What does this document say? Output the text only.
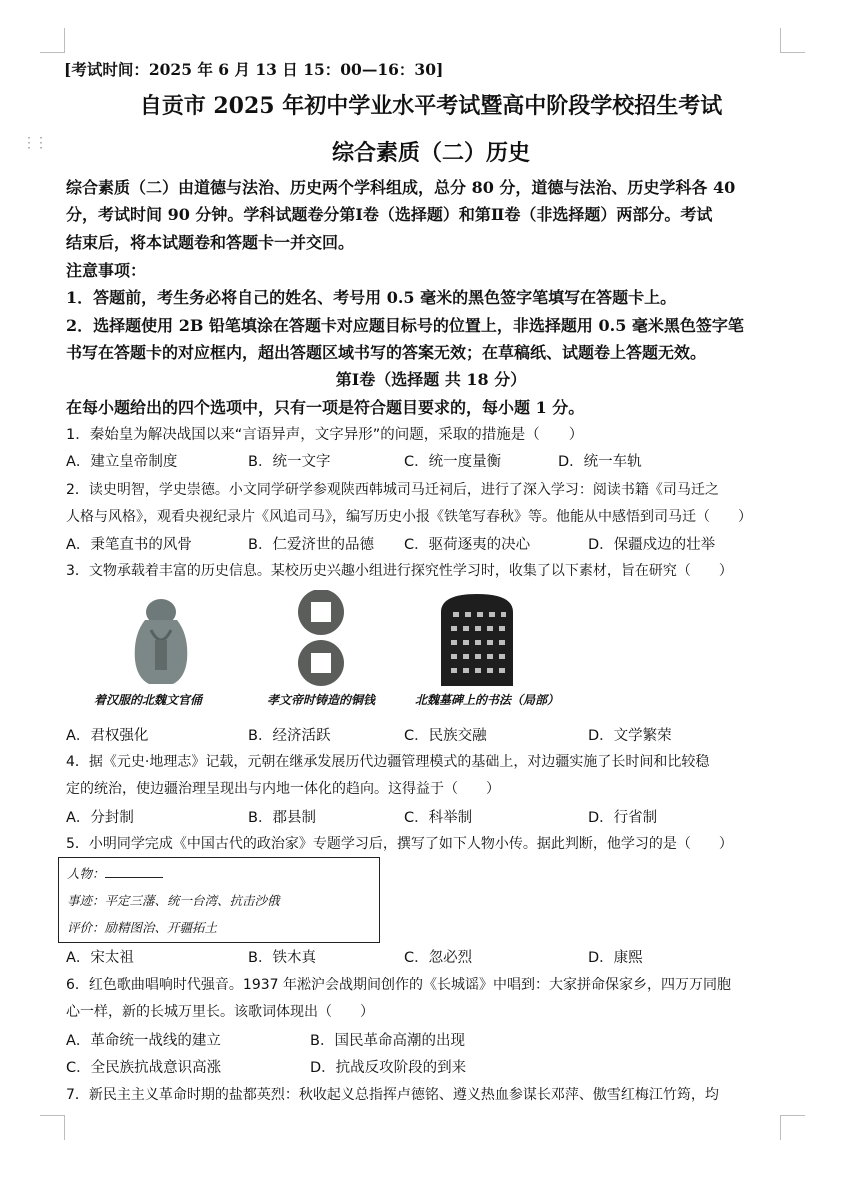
⋮⋮
[考试时间：2025 年 6 月 13 日 15：00—16：30]
自贡市 2025 年初中学业水平考试暨高中阶段学校招生考试
综合素质（二）历史
综合素质（二）由道德与法治、历史两个学科组成，总分 80 分，道德与法治、历史学科各 40
分，考试时间 90 分钟。学科试题卷分第Ⅰ卷（选择题）和第Ⅱ卷（非选择题）两部分。考试
结束后，将本试题卷和答题卡一并交回。
注意事项：
1．答题前，考生务必将自己的姓名、考号用 0.5 毫米的黑色签字笔填写在答题卡上。
2．选择题使用 2B 铅笔填涂在答题卡对应题目标号的位置上，非选择题用 0.5 毫米黑色签字笔
书写在答题卡的对应框内，超出答题区域书写的答案无效；在草稿纸、试题卷上答题无效。
第Ⅰ卷（选择题 共 18 分）
在每小题给出的四个选项中，只有一项是符合题目要求的，每小题 1 分。
1．秦始皇为解决战国以来“言语异声，文字异形”的问题，采取的措施是（　　）
A．建立皇帝制度	B．统一文字	C．统一度量衡	D．统一车轨
2．读史明智，学史崇德。小文同学研学参观陕西韩城司马迁祠后，进行了深入学习：阅读书籍《司马迁之
人格与风格》，观看央视纪录片《风追司马》，编写历史小报《铁笔写春秋》等。他能从中感悟到司马迁（　　）
A．秉笔直书的风骨	B．仁爱济世的品德 C．驱荷逐夷的决心	D．保疆戍边的壮举
3．文物承载着丰富的历史信息。某校历史兴趣小组进行探究性学习时，收集了以下素材，旨在研究（　　）
着汉服的北魏文官俑	孝文帝时铸造的铜钱	北魏墓碑上的书法（局部）
A．君权强化	B．经济活跃	C．民族交融	D．文学繁荣
4．据《元史·地理志》记载，元朝在继承发展历代边疆管理模式的基础上，对边疆实施了长时间和比较稳
定的统治，使边疆治理呈现出与内地一体化的趋向。这得益于（　　）
A．分封制	B．郡县制	C．科举制	D．行省制
5．小明同学完成《中国古代的政治家》专题学习后，撰写了如下人物小传。据此判断，他学习的是（　　）
人物：
事迹：平定三藩、统一台湾、抗击沙俄
评价：励精图治、开疆拓土
A．宋太祖	B．铁木真	C．忽必烈	D．康熙
6．红色歌曲唱响时代强音。1937 年淞沪会战期间创作的《长城谣》中唱到：大家拼命保家乡，四万万同胞
心一样，新的长城万里长。该歌词体现出（　　）
A．革命统一战线的建立	B．国民革命高潮的出现
C．全民族抗战意识高涨	D．抗战反攻阶段的到来
7．新民主主义革命时期的盐都英烈：秋收起义总指挥卢德铭、遵义热血参谋长邓萍、傲雪红梅江竹筠，均
